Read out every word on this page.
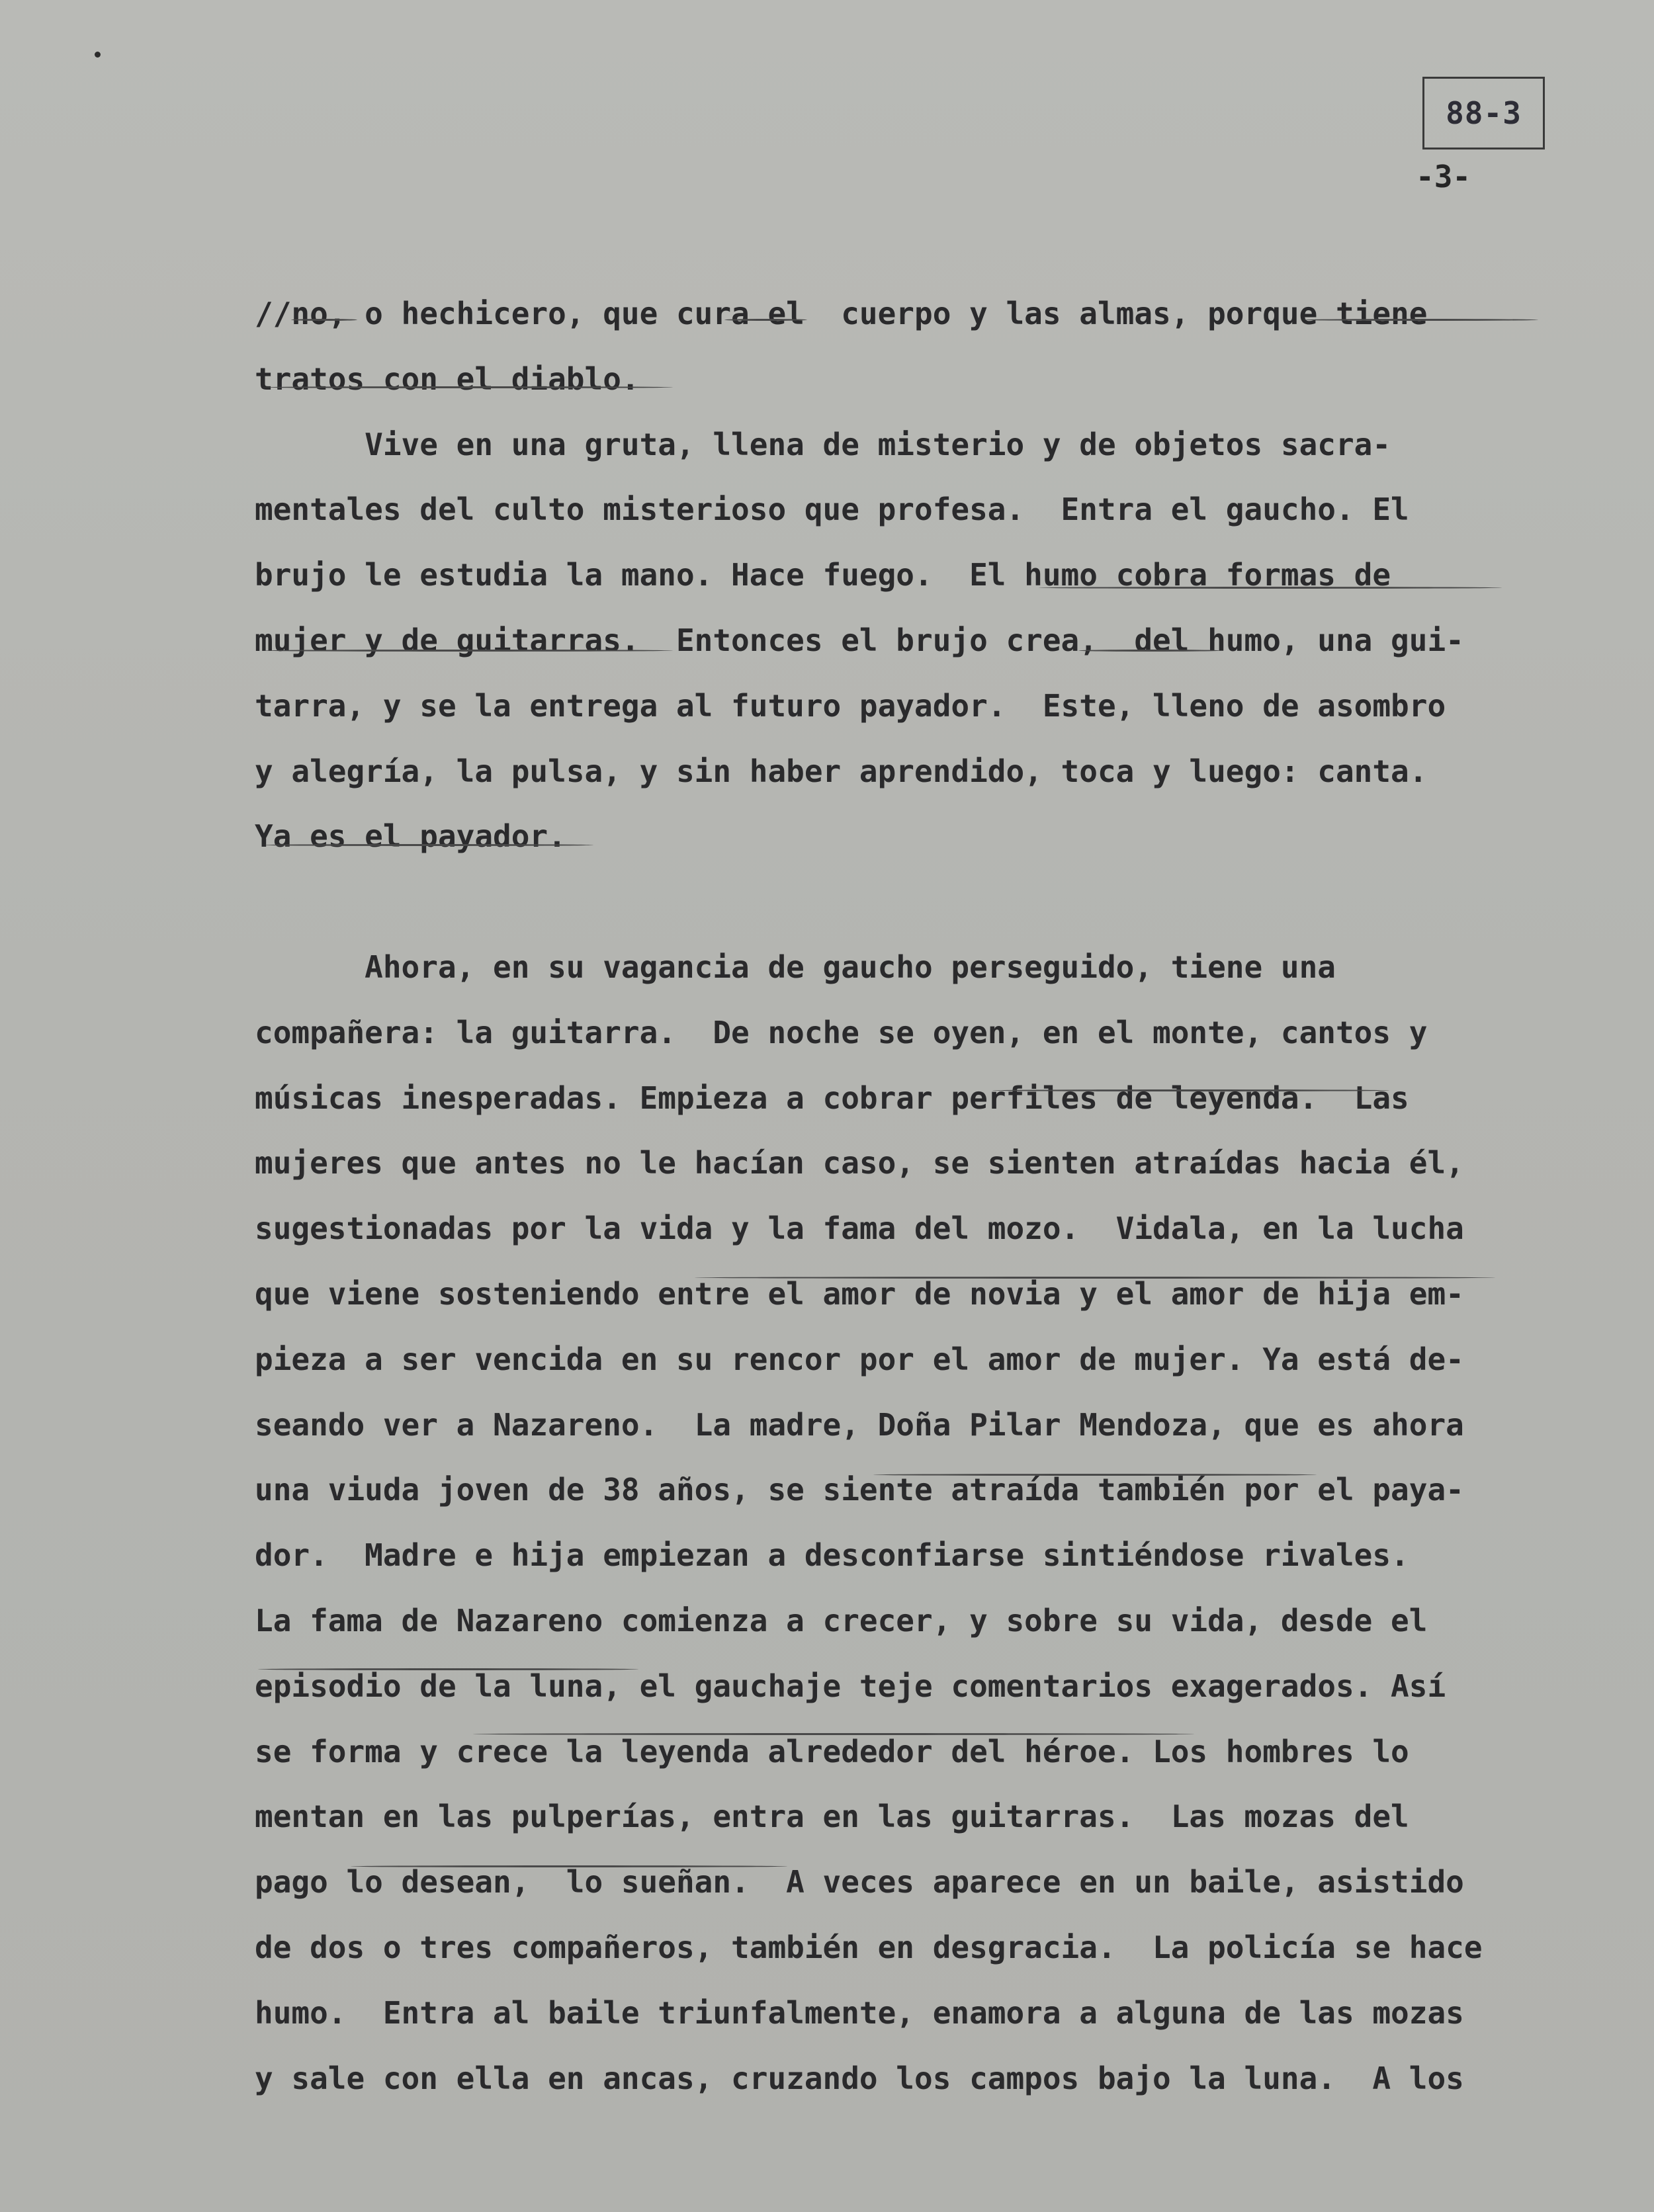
88-3
-3-
//no, o hechicero, que cura el  cuerpo y las almas, porque tiene
tratos con el diablo.
Vive en una gruta, llena de misterio y de objetos sacra-
mentales del culto misterioso que profesa.  Entra el gaucho. El
brujo le estudia la mano. Hace fuego.  El humo cobra formas de
mujer y de guitarras.  Entonces el brujo crea,  del humo, una gui-
tarra, y se la entrega al futuro payador.  Este, lleno de asombro
y alegría, la pulsa, y sin haber aprendido, toca y luego: canta.
Ya es el payador.
Ahora, en su vagancia de gaucho perseguido, tiene una
compañera: la guitarra.  De noche se oyen, en el monte, cantos y
músicas inesperadas. Empieza a cobrar perfiles de leyenda.  Las
mujeres que antes no le hacían caso, se sienten atraídas hacia él,
sugestionadas por la vida y la fama del mozo.  Vidala, en la lucha
que viene sosteniendo entre el amor de novia y el amor de hija em-
pieza a ser vencida en su rencor por el amor de mujer. Ya está de-
seando ver a Nazareno.  La madre, Doña Pilar Mendoza, que es ahora
una viuda joven de 38 años, se siente atraída también por el paya-
dor.  Madre e hija empiezan a desconfiarse sintiéndose rivales.
La fama de Nazareno comienza a crecer, y sobre su vida, desde el
episodio de la luna, el gauchaje teje comentarios exagerados. Así
se forma y crece la leyenda alrededor del héroe. Los hombres lo
mentan en las pulperías, entra en las guitarras.  Las mozas del
pago lo desean,  lo sueñan.  A veces aparece en un baile, asistido
de dos o tres compañeros, también en desgracia.  La policía se hace
humo.  Entra al baile triunfalmente, enamora a alguna de las mozas
y sale con ella en ancas, cruzando los campos bajo la luna.  A los
